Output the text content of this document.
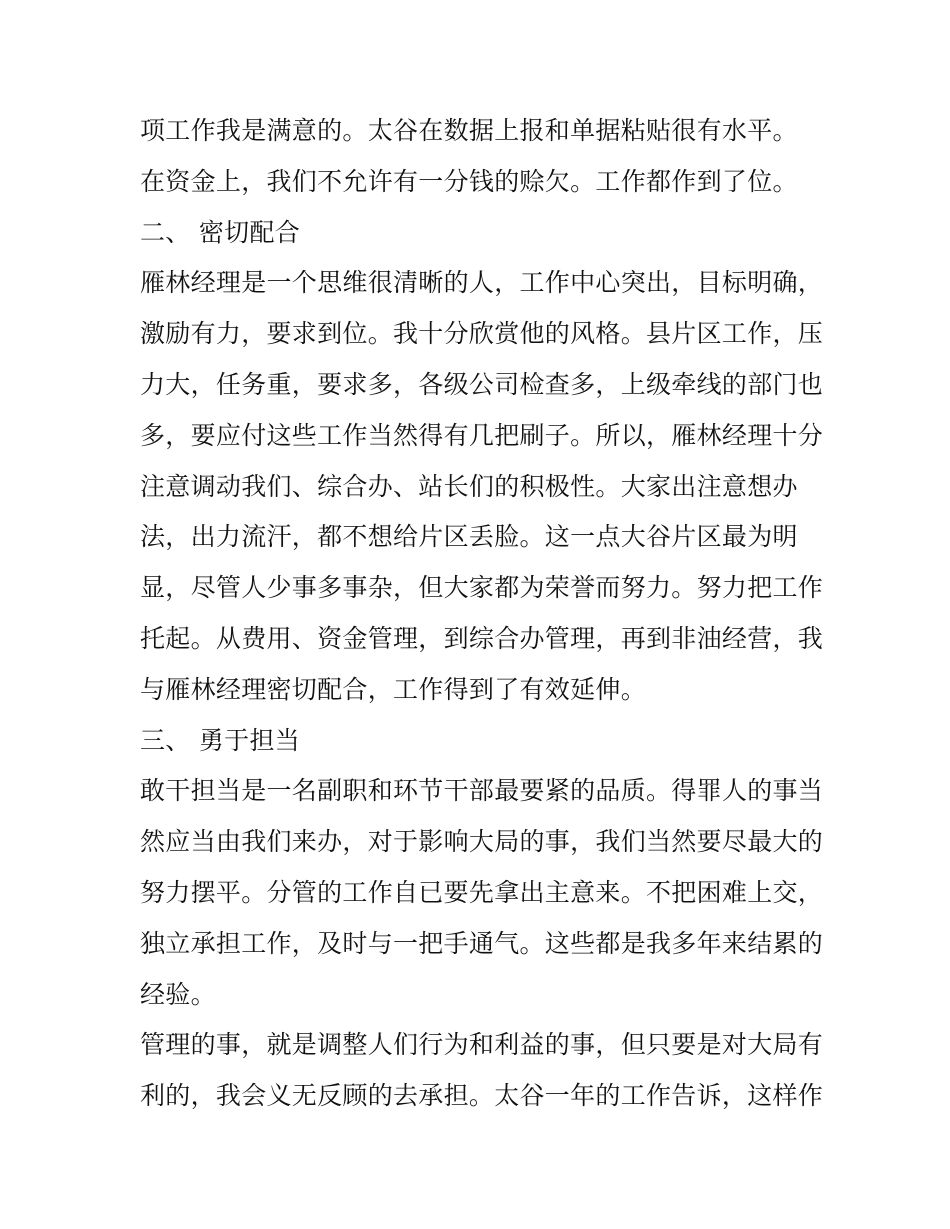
项工作我是满意的。太谷在数据上报和单据粘贴很有水平。
在资金上，我们不允许有一分钱的赊欠。工作都作到了位。
二、 密切配合
雁林经理是一个思维很清晰的人，工作中心突出，目标明确，
激励有力，要求到位。我十分欣赏他的风格。县片区工作，压
力大，任务重，要求多，各级公司检查多，上级牵线的部门也
多，要应付这些工作当然得有几把刷子。所以，雁林经理十分
注意调动我们、综合办、站长们的积极性。大家出注意想办
法，出力流汗，都不想给片区丢脸。这一点大谷片区最为明
显，尽管人少事多事杂，但大家都为荣誉而努力。努力把工作
托起。从费用、资金管理，到综合办管理，再到非油经营，我
与雁林经理密切配合，工作得到了有效延伸。
三、 勇于担当
敢干担当是一名副职和环节干部最要紧的品质。得罪人的事当
然应当由我们来办，对于影响大局的事，我们当然要尽最大的
努力摆平。分管的工作自已要先拿出主意来。不把困难上交，
独立承担工作，及时与一把手通气。这些都是我多年来结累的
经验。
管理的事，就是调整人们行为和利益的事，但只要是对大局有
利的，我会义无反顾的去承担。太谷一年的工作告诉，这样作
